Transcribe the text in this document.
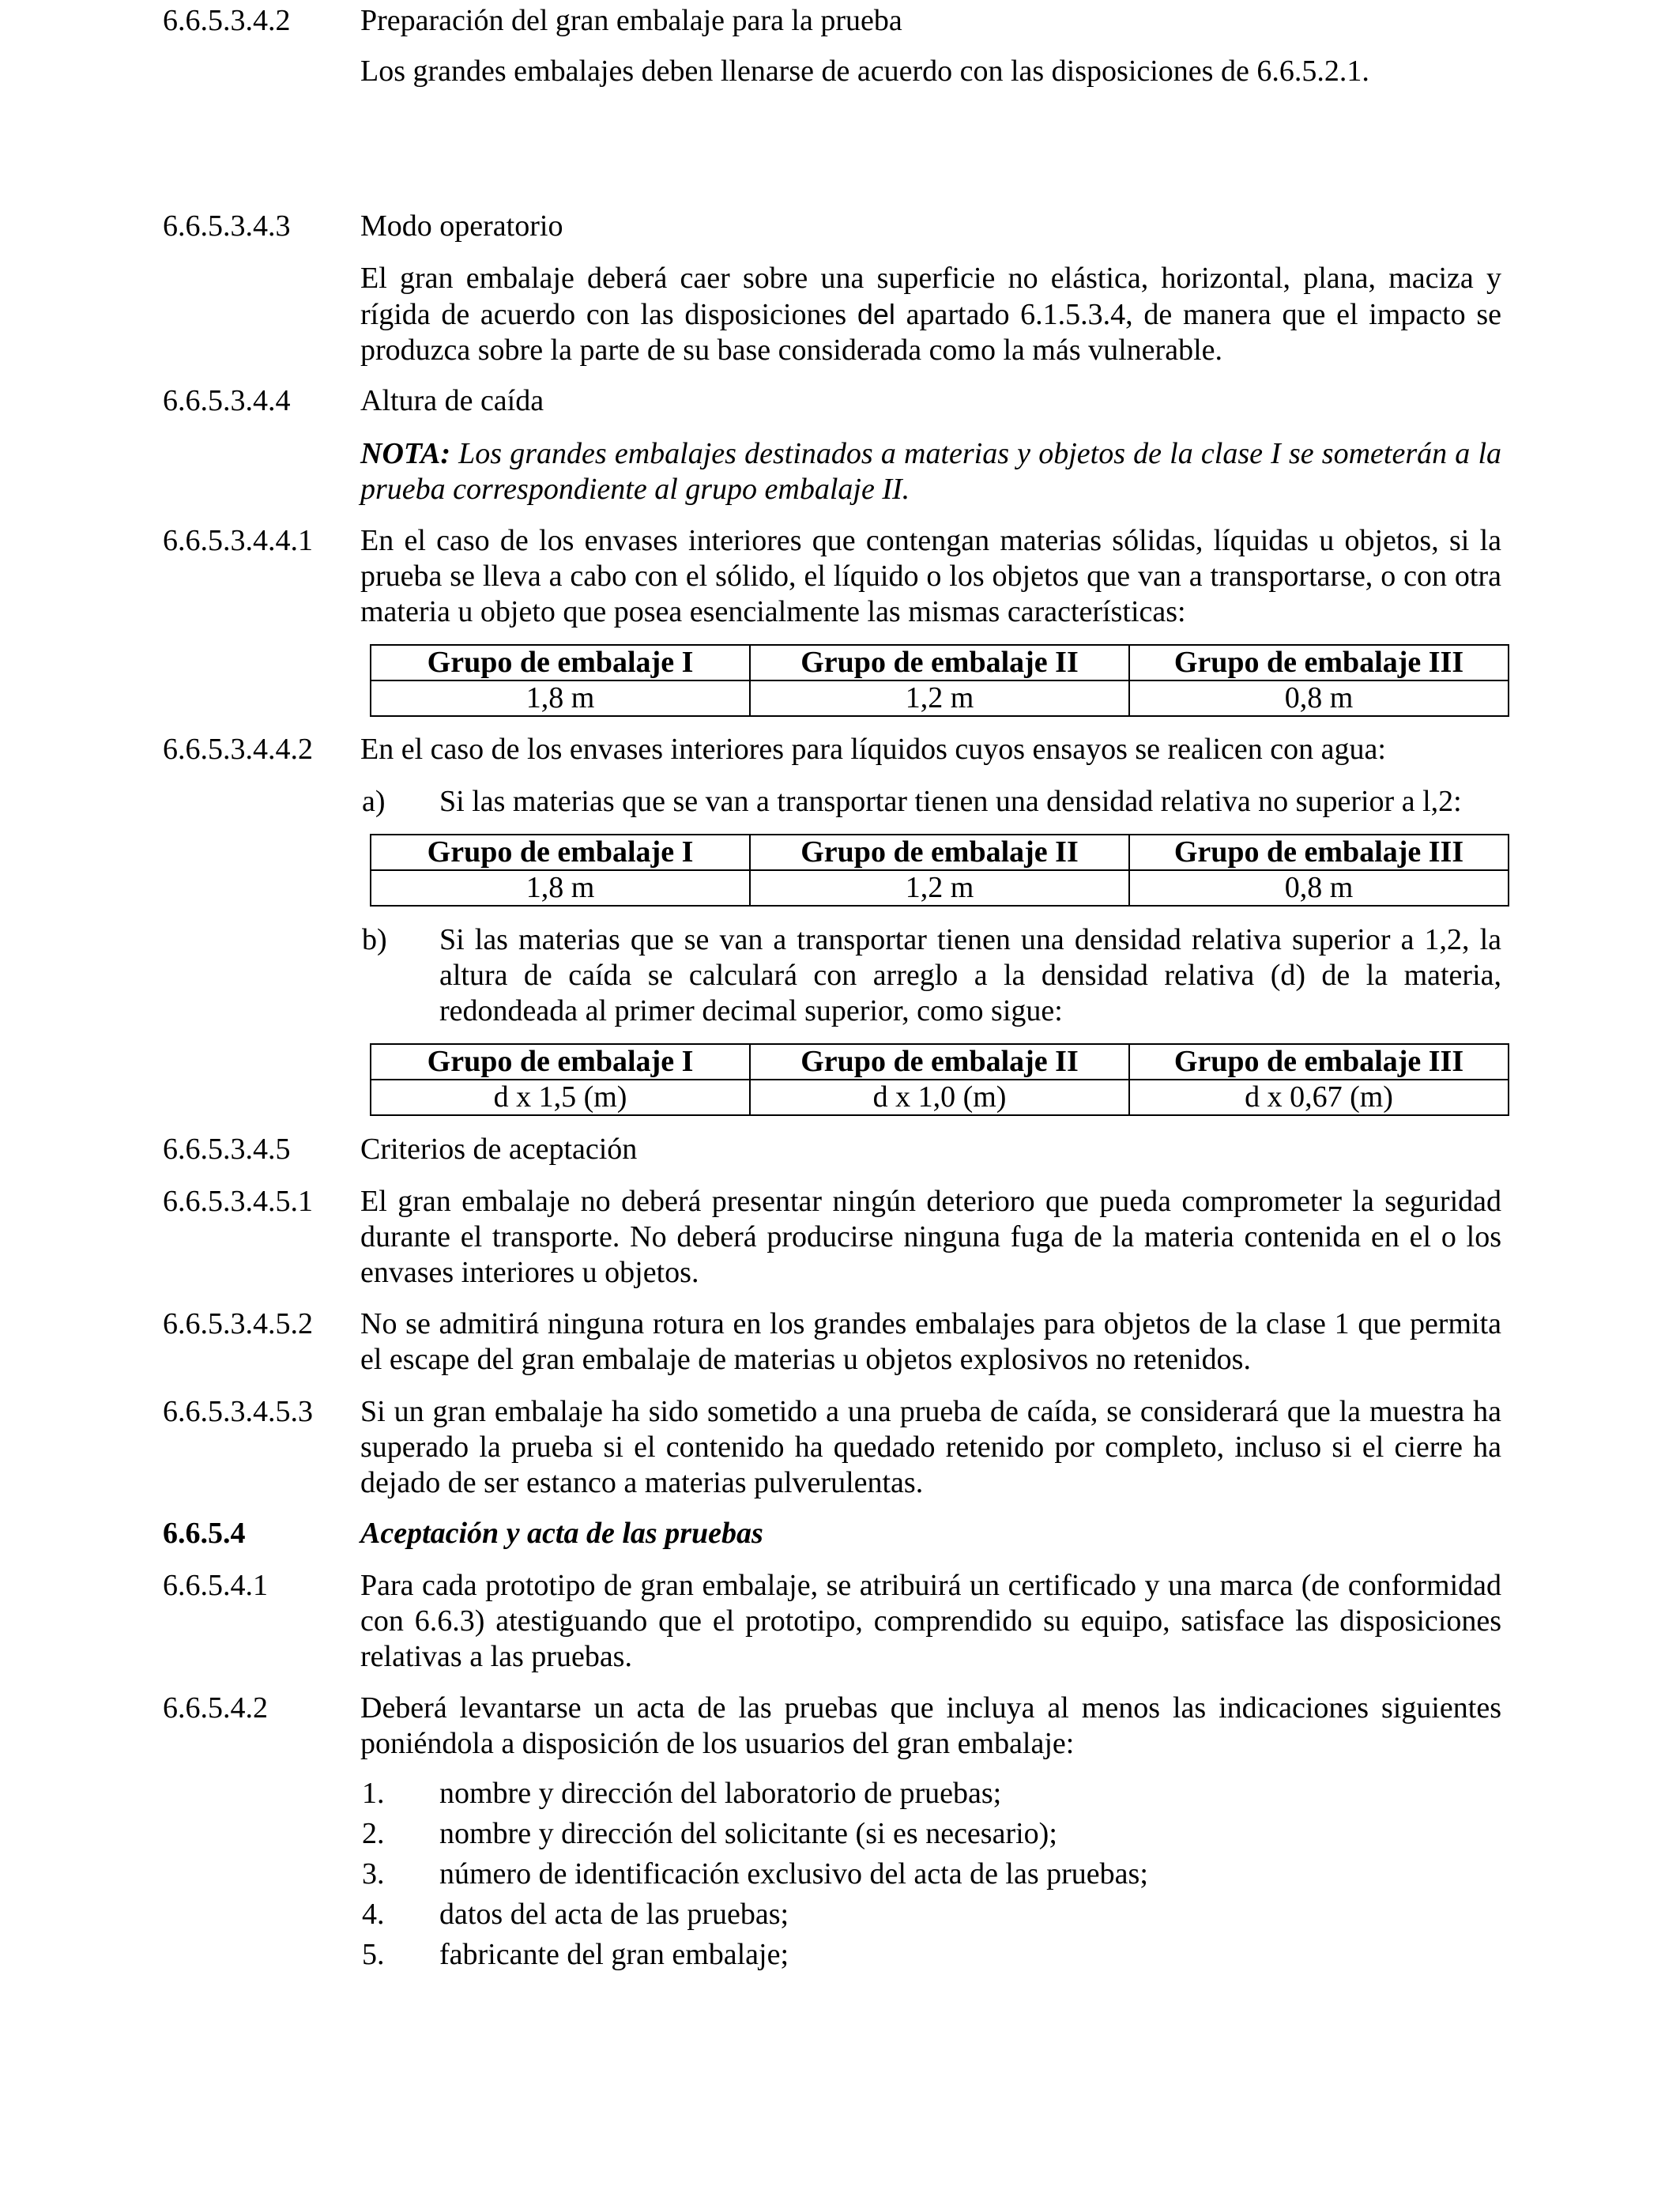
6.6.5.3.4.2 Preparación del gran embalaje para la prueba
Los grandes embalajes deben llenarse de acuerdo con las disposiciones de 6.6.5.2.1.
6.6.5.3.4.3 Modo operatorio
El gran embalaje deberá caer sobre una superficie no elástica, horizontal, plana, maciza y rígida de acuerdo con las disposiciones del apartado 6.1.5.3.4, de manera que el impacto se produzca sobre la parte de su base considerada como la más vulnerable.
6.6.5.3.4.4 Altura de caída
NOTA: Los grandes embalajes destinados a materias y objetos de la clase I se someterán a la prueba correspondiente al grupo embalaje II.
6.6.5.3.4.4.1 En el caso de los envases interiores que contengan materias sólidas, líquidas u objetos, si la prueba se lleva a cabo con el sólido, el líquido o los objetos que van a transportarse, o con otra materia u objeto que posea esencialmente las mismas características:
Grupo de embalaje I	Grupo de embalaje II	Grupo de embalaje III
1,8 m	1,2 m	0,8 m
6.6.5.3.4.4.2 En el caso de los envases interiores para líquidos cuyos ensayos se realicen con agua:
a) Si las materias que se van a transportar tienen una densidad relativa no superior a l,2:
Grupo de embalaje I	Grupo de embalaje II	Grupo de embalaje III
1,8 m	1,2 m	0,8 m
b) Si las materias que se van a transportar tienen una densidad relativa superior a 1,2, la altura de caída se calculará con arreglo a la densidad relativa (d) de la materia, redondeada al primer decimal superior, como sigue:
Grupo de embalaje I	Grupo de embalaje II	Grupo de embalaje III
d x 1,5 (m)	d x 1,0 (m)	d x 0,67 (m)
6.6.5.3.4.5 Criterios de aceptación
6.6.5.3.4.5.1 El gran embalaje no deberá presentar ningún deterioro que pueda comprometer la seguridad durante el transporte. No deberá producirse ninguna fuga de la materia contenida en el o los envases interiores u objetos.
6.6.5.3.4.5.2 No se admitirá ninguna rotura en los grandes embalajes para objetos de la clase 1 que permita el escape del gran embalaje de materias u objetos explosivos no retenidos.
6.6.5.3.4.5.3 Si un gran embalaje ha sido sometido a una prueba de caída, se considerará que la muestra ha superado la prueba si el contenido ha quedado retenido por completo, incluso si el cierre ha dejado de ser estanco a materias pulverulentas.
6.6.5.4	Aceptación y acta de las pruebas
6.6.5.4.1	Para cada prototipo de gran embalaje, se atribuirá un certificado y una marca (de conformidad con 6.6.3) atestiguando que el prototipo, comprendido su equipo, satisface las disposiciones relativas a las pruebas.
6.6.5.4.2	Deberá levantarse un acta de las pruebas que incluya al menos las indicaciones siguientes poniéndola a disposición de los usuarios del gran embalaje:
1. nombre y dirección del laboratorio de pruebas;
2. nombre y dirección del solicitante (si es necesario);
3. número de identificación exclusivo del acta de las pruebas;
4. datos del acta de las pruebas;
5. fabricante del gran embalaje;
